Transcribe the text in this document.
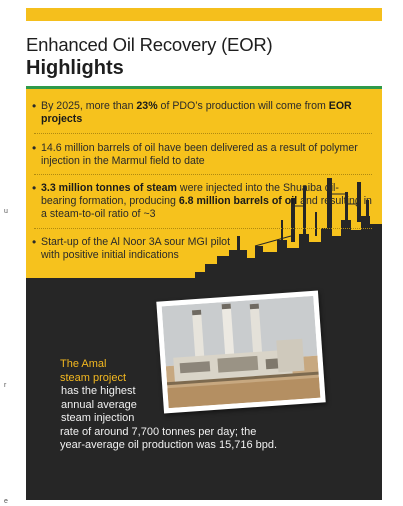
Enhanced Oil Recovery (EOR)
Highlights
• By 2025, more than 23% of PDO’s production will come from EOR projects
• 14.6 million barrels of oil have been delivered as a result of polymer injection in the Marmul field to date
• 3.3 million tonnes of steam were injected into the Shuaiba oil-bearing formation, producing 6.8 million barrels of oil and resulting in a steam-to-oil ratio of ~3
• Start-up of the Al Noor 3A sour MGI pilot with positive initial indications
The Amal
steam project
has the highest
annual average
steam injection
rate of around 7,700 tonnes per day; the
year-average oil production was 15,716 bpd.
u
r
e
